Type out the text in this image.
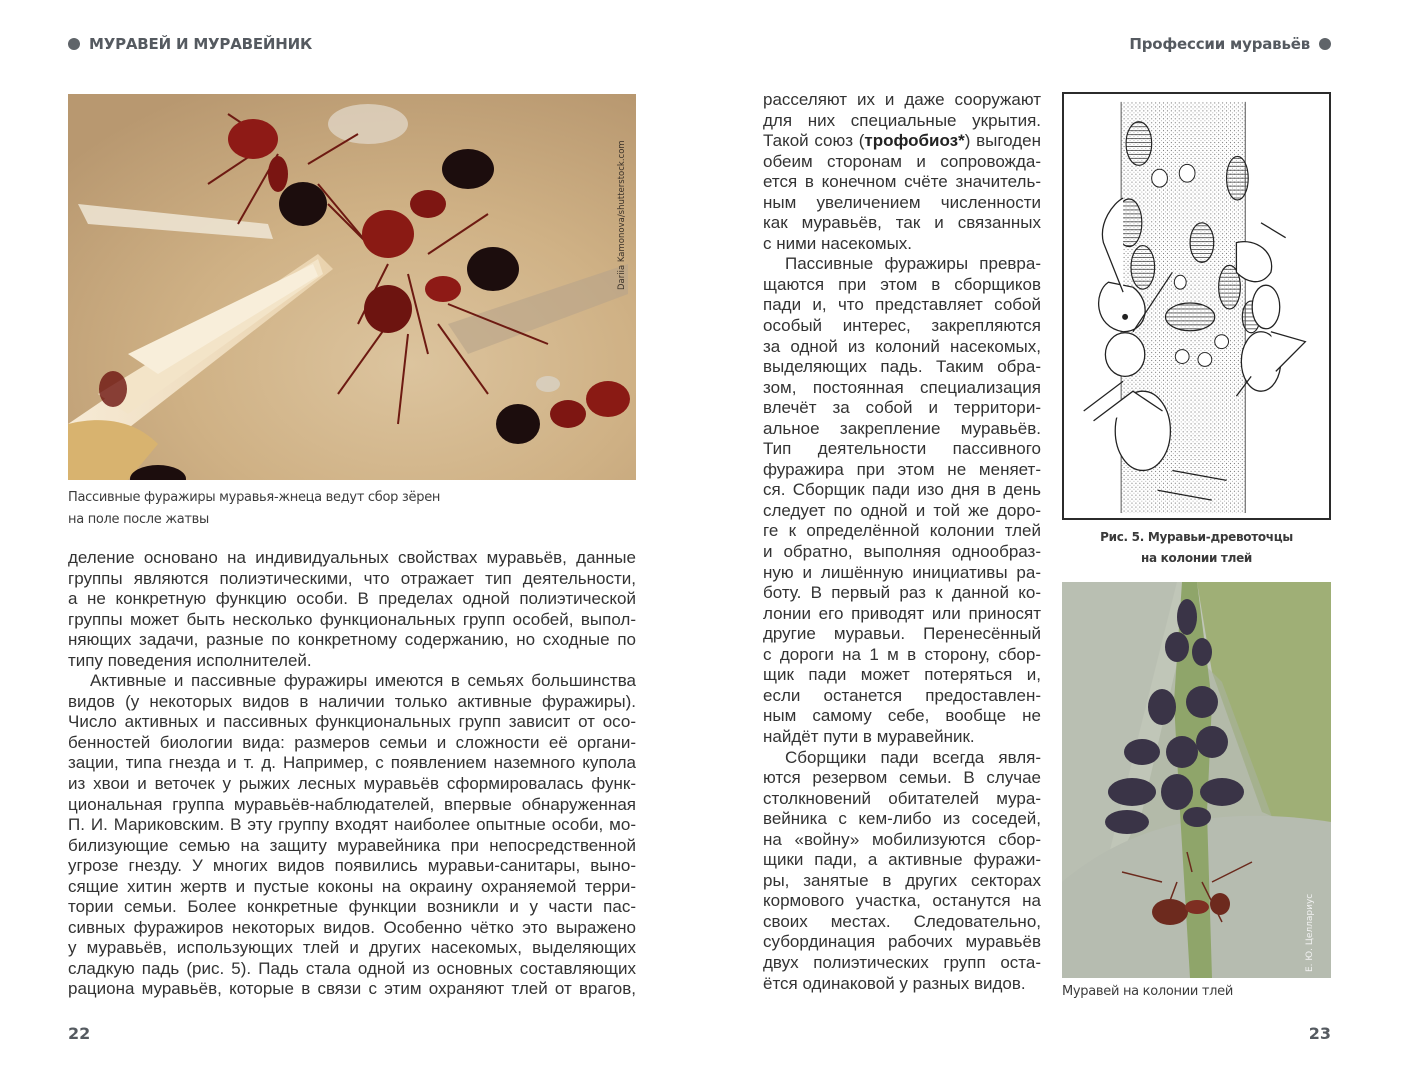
МУРАВЕЙ И МУРАВЕЙНИК
Dariia Kamonova/shutterstock.com
Пассивные фуражиры муравья-жнеца ведут сбор зёрен
на поле после жатвы
деление основано на индивидуальных свойствах муравьёв, данные
группы являются полиэтическими, что отражает тип деятельности,
а не конкретную функцию особи. В пределах одной полиэтической
группы может быть несколько функциональных групп особей, выпол-
няющих задачи, разные по конкретному содержанию, но сходные по
типу поведения исполнителей.
Активные и пассивные фуражиры имеются в семьях большинства
видов (у некоторых видов в наличии только активные фуражиры).
Число активных и пассивных функциональных групп зависит от осо-
бенностей биологии вида: размеров семьи и сложности её органи-
зации, типа гнезда и т. д. Например, с появлением наземного купола
из хвои и веточек у рыжих лесных муравьёв сформировалась функ-
циональная группа муравьёв-наблюдателей, впервые обнаруженная
П. И. Мариковским. В эту группу входят наиболее опытные особи, мо-
билизующие семью на защиту муравейника при непосредственной
угрозе гнезду. У многих видов появились муравьи-санитары, выно-
сящие хитин жертв и пустые коконы на окраину охраняемой терри-
тории семьи. Более конкретные функции возникли и у части пас-
сивных фуражиров некоторых видов. Особенно чётко это выражено
у муравьёв, использующих тлей и других насекомых, выделяющих
сладкую падь (рис. 5). Падь стала одной из основных составляющих
рациона муравьёв, которые в связи с этим охраняют тлей от врагов,
22
Профессии муравьёв
расселяют их и даже сооружают
для них специальные укрытия.
Такой союз (трофобиоз*) выгоден
обеим сторонам и сопровожда-
ется в конечном счёте значитель-
ным увеличением численности
как муравьёв, так и связанных
с ними насекомых.
Пассивные фуражиры превра-
щаются при этом в сборщиков
пади и, что представляет собой
особый интерес, закрепляются
за одной из колоний насекомых,
выделяющих падь. Таким обра-
зом, постоянная специализация
влечёт за собой и территори-
альное закрепление муравьёв.
Тип деятельности пассивного
фуражира при этом не меняет-
ся. Сборщик пади изо дня в день
следует по одной и той же доро-
ге к определённой колонии тлей
и обратно, выполняя однообраз-
ную и лишённую инициативы ра-
боту. В первый раз к данной ко-
лонии его приводят или приносят
другие муравьи. Перенесённый
с дороги на 1 м в сторону, сбор-
щик пади может потеряться и,
если останется предоставлен-
ным самому себе, вообще не
найдёт пути в муравейник.
Сборщики пади всегда явля-
ются резервом семьи. В случае
столкновений обитателей мура-
вейника с кем-либо из соседей,
на «войну» мобилизуются сбор-
щики пади, а активные фуражи-
ры, занятые в других секторах
кормового участка, останутся на
своих местах. Следовательно,
субординация рабочих муравьёв
двух полиэтических групп оста-
ётся одинаковой у разных видов.
Рис. 5. Муравьи-древоточцы
на колонии тлей
Е. Ю. Целлариус
Муравей на колонии тлей
23
